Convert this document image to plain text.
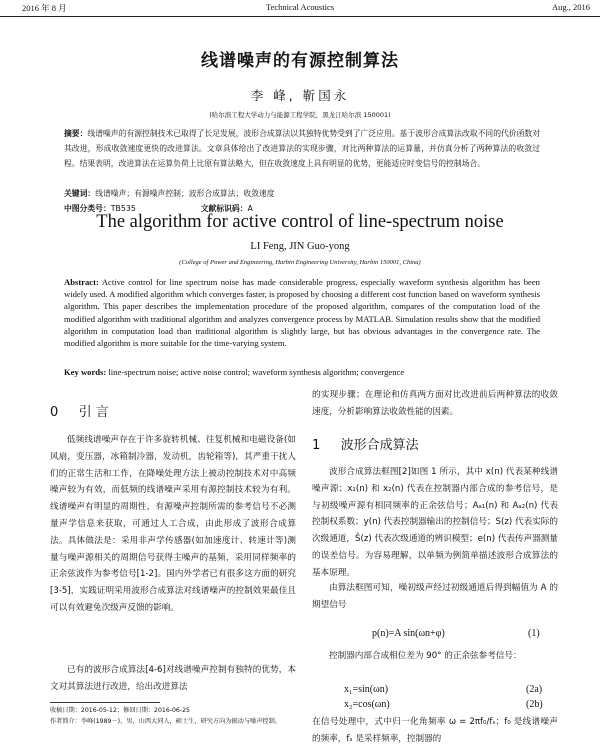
2016 年 8 月	Technical Acoustics	Aug., 2016
线谱噪声的有源控制算法
李 峰, 靳国永
(哈尔滨工程大学动力与能源工程学院，黑龙江哈尔滨 150001)
摘要：线谱噪声的有源控制技术已取得了长足发展，波形合成算法以其独特优势受到了广泛应用。基于波形合成算法改取不同的代价函数对其改进，形成收敛速度更快的改进算法。文章具体给出了改进算法的实现步骤，对比两种算法的运算量，并仿真分析了两种算法的收敛过程。结果表明，改进算法在运算负荷上比原有算法略大，但在收敛速度上具有明显的优势，更能适应时变信号的控制场合。
关键词：线谱噪声；有源噪声控制；波形合成算法；收敛速度
中图分类号：TB535	文献标识码：A
The algorithm for active control of line-spectrum noise
LI Feng, JIN Guo-yong
(College of Power and Engineering, Harbin Engineering University, Harbin 150001, China)
Abstract: Active control for line spectrum noise has made considerable progress, especially waveform synthesis algorithm has been widely used. A modified algorithm which converges faster, is proposed by choosing a different cost function based on waveform synthesis algorithm. This paper describes the implementation procedure of the proposed algorithm, compares of the computation load of the modified algorithm with traditional algorithm and analyzes convergence process by MATLAB. Simulation results show that the modified algorithm in computation load than traditional algorithm is slightly large, but has obvious advantages in the convergence rate. The modified algorithm is more suitable for the time-varying system.
Key words: line-spectrum noise; active noise control; waveform synthesis algorithm; convergence
0 引 言
低频线谱噪声存在于许多旋转机械、往复机械和电磁设备(如风扇，变压器，冰箱制冷器，发动机，齿轮箱等)，其严重干扰人们的正常生活和工作，在降噪处理方法上被动控制技术对中高频噪声较为有效，而低频的线谱噪声采用有源控制技术较为有利。线谱噪声有明显的周期性，有源噪声控制所需的参考信号不必测量声学信息来获取，可通过人工合成，由此形成了波形合成算法。具体做法是：采用非声学传感器(如加速度计、转速计等)测量与噪声源相关的周期信号获得主噪声的基频，采用同样频率的正余弦波作为参考信号[1-2]。国内外学者已有很多这方面的研究[3-5]，实践证明采用波形合成算法对线谱噪声的控制效果最佳且可以有效避免次级声反馈的影响。
已有的波形合成算法[4-6]对线谱噪声控制有独特的优势，本文对其算法进行改进，给出改进算法
收稿日期：2016-05-12；修回日期：2016-06-25
作者简介：李峰(1989－)，男，山西大同人，硕士生，研究方向为振动与噪声控制。
的实现步骤；在理论和仿真两方面对比改进前后两种算法的收敛速度，分析影响算法收敛性能的因素。
1 波形合成算法
波形合成算法框图[2]如图 1 所示，其中 x(n) 代表某种线谱噪声源；x₁(n) 和 x₂(n) 代表在控制器内部合成的参考信号，是与初级噪声源有相同频率的正余弦信号；Aₐ₁(n) 和 Aₐ₂(n) 代表控制权系数；y(n) 代表控制器输出的控制信号；S(z) 代表实际的次级通道，Ŝ(z) 代表次级通道的辨识模型；e(n) 代表传声器测量的误差信号。为容易理解，以单频为例简单描述波形合成算法的基本原理。
由算法框图可知，噪初级声经过初级通道后得到幅值为 A 的期望信号
p(n)=A sin(ωn+φ)	(1)
控制器内部合成相位差为 90° 的正余弦参考信号：
x₁=sin(ωn)	(2a)
x₂=cos(ωn)	(2b)
在信号处理中，式中归一化角频率 ω = 2πf₀/fₛ；f₀ 是线谱噪声的频率，fₛ 是采样频率，控制器的
